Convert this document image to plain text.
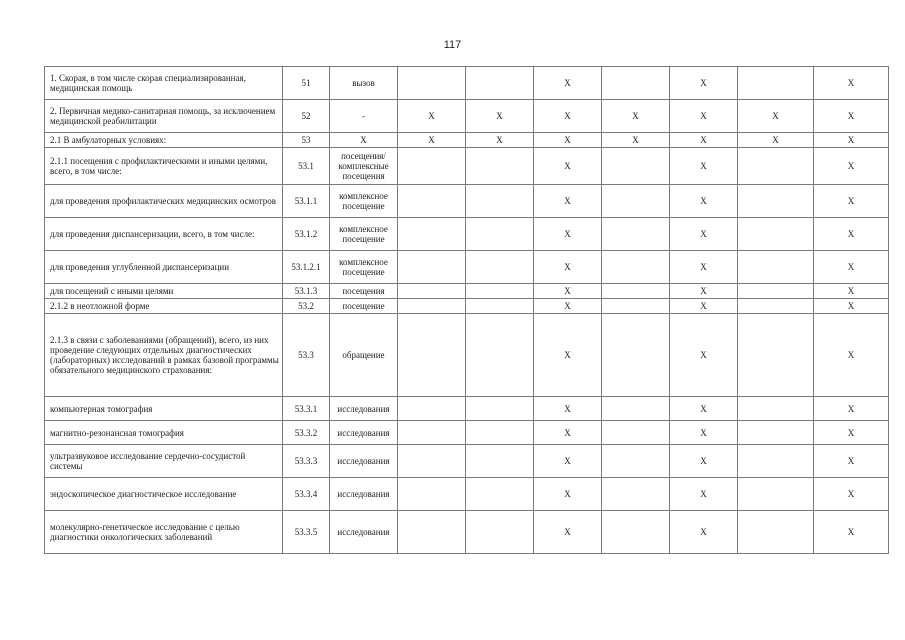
117
1. Скорая, в том числе скорая специализированная, медицинская помощь	51	вызов			X		X		X
2. Первичная медико-санитарная помощь, за исключением медицинской реабилитации	52	-	X	X	X	X	X	X	X
2.1 В амбулаторных условиях:	53	X	X	X	X	X	X	X	X
2.1.1 посещения с профилактическими и иными целями, всего, в том числе:	53.1	посещения/комплексные посещения			X		X		X
для проведения профилактических медицинских осмотров	53.1.1	комплексное посещение			X		X		X
для проведения диспансеризации, всего, в том числе:	53.1.2	комплексное посещение			X		X		X
для проведения углубленной диспансеризации	53.1.2.1	комплексное посещение			X		X		X
для посещений с иными целями	53.1.3	посещения			X		X		X
2.1.2 в неотложной форме	53.2	посещение			X		X		X
2.1.3 в связи с заболеваниями (обращений), всего, из них проведение следующих отдельных диагностических (лабораторных) исследований в рамках базовой программы обязательного медицинского страхования:	53.3	обращение			X		X		X
компьютерная томография	53.3.1	исследования			X		X		X
магнитно-резонансная томография	53.3.2	исследования			X		X		X
ультразвуковое исследование сердечно-сосудистой системы	53.3.3	исследования			X		X		X
эндоскопическое диагностическое исследование	53.3.4	исследования			X		X		X
молекулярно-генетическое исследование с целью диагностики онкологических заболеваний	53.3.5	исследования			X		X		X
